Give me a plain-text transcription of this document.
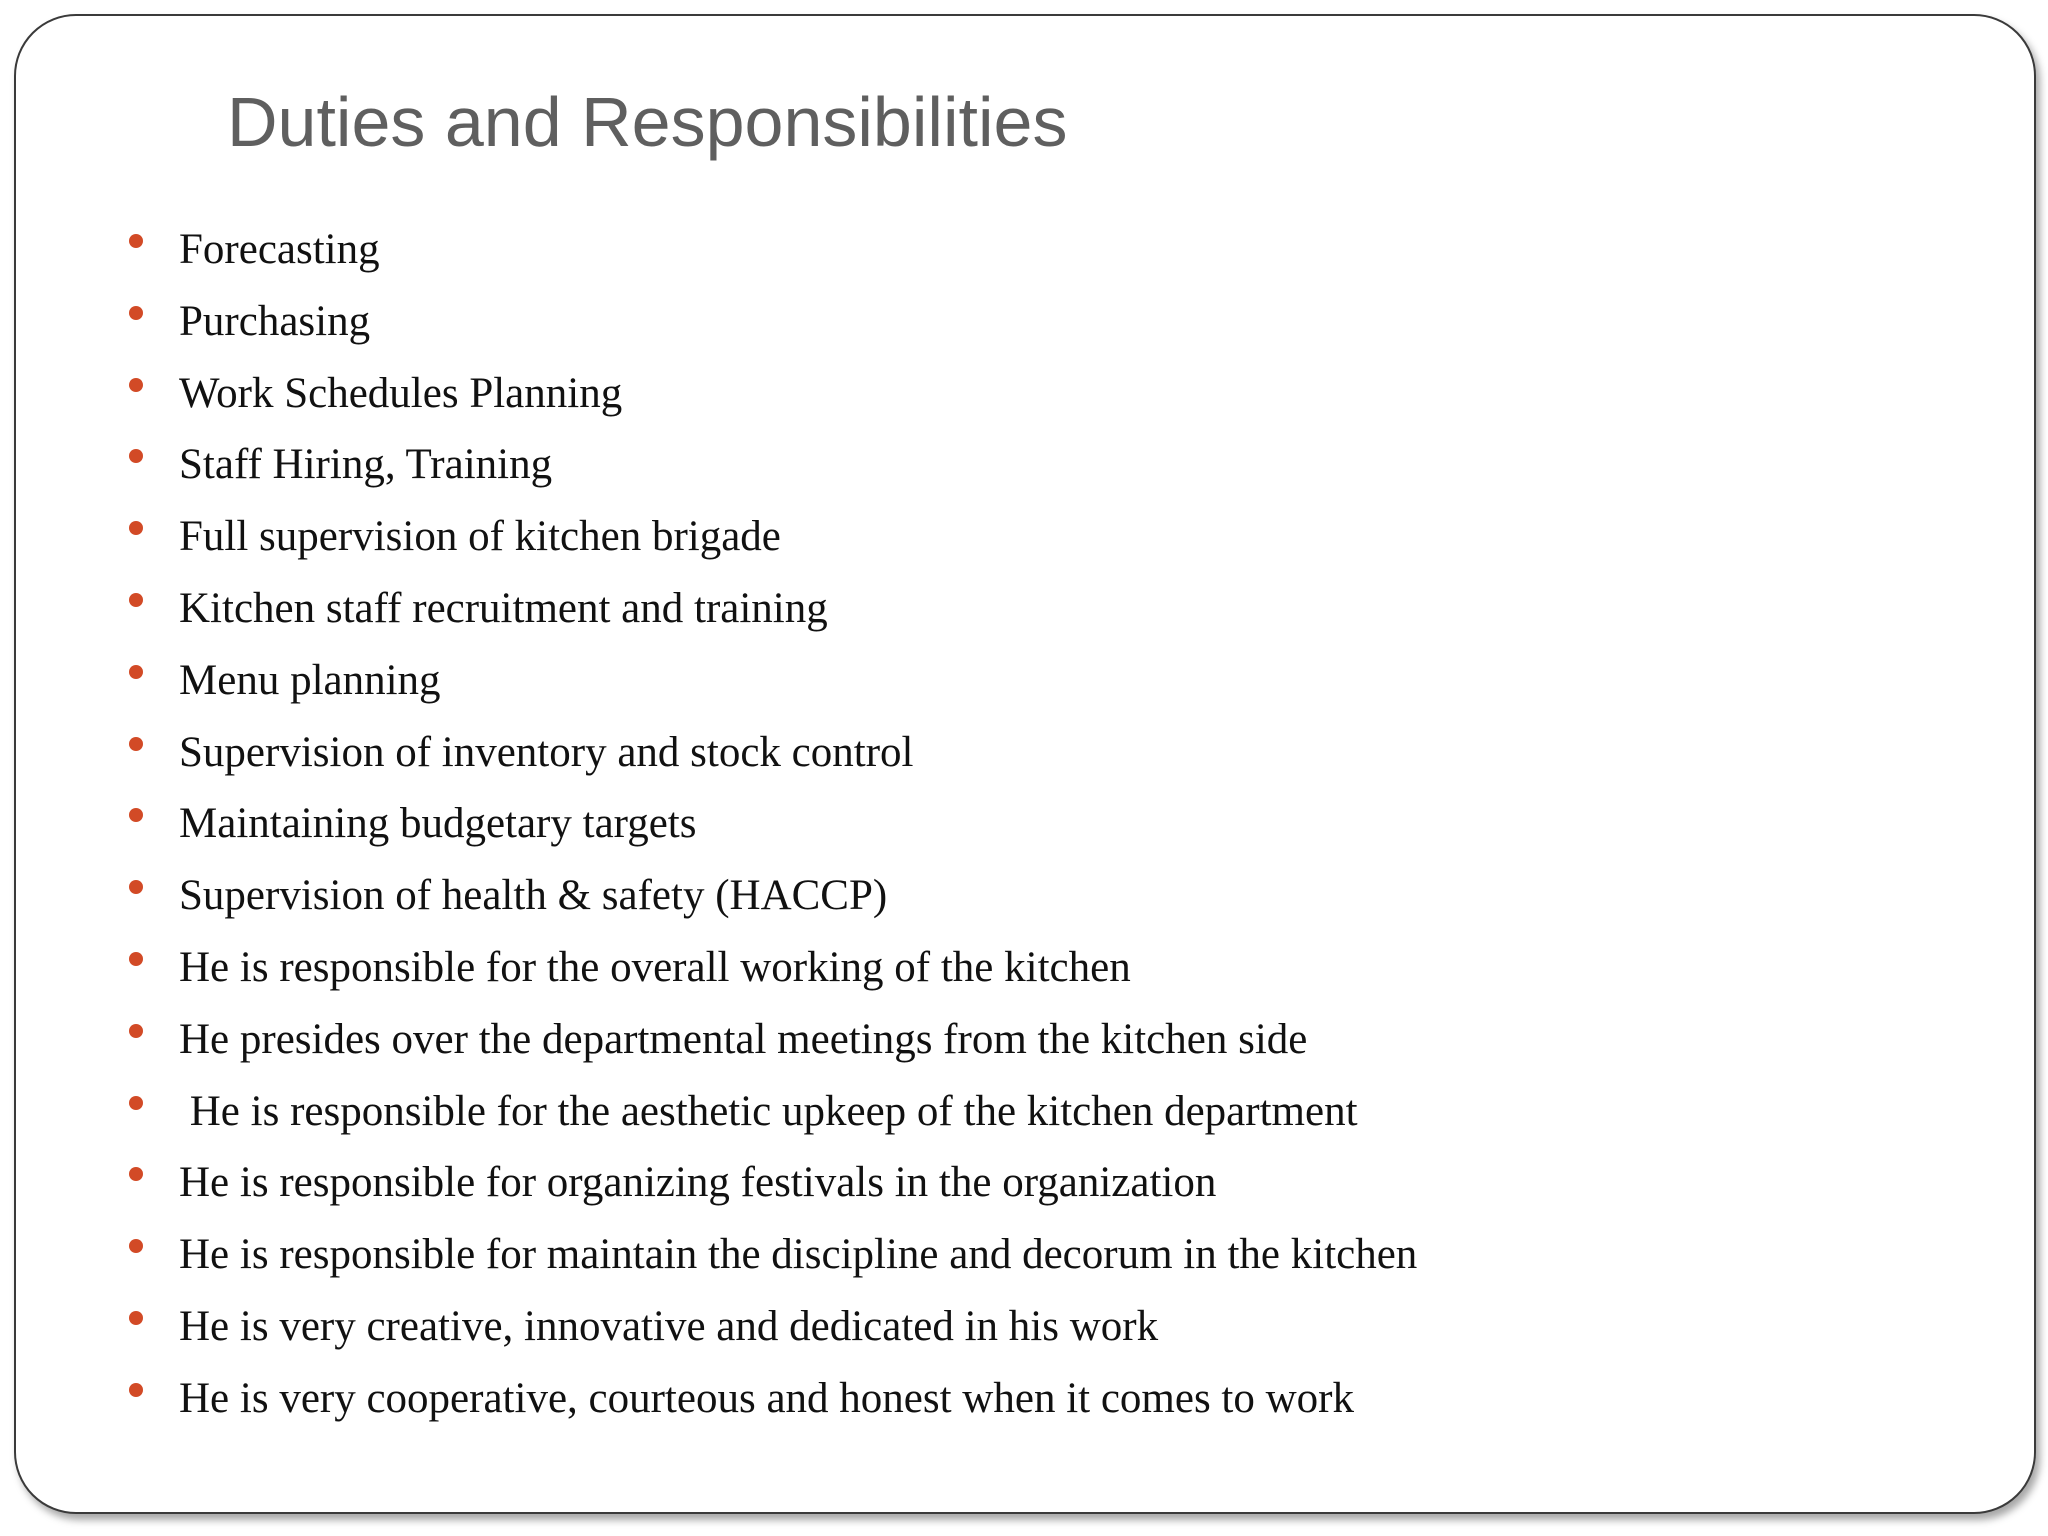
Duties and Responsibilities
Forecasting
Purchasing
Work Schedules Planning
Staff Hiring, Training
Full supervision of kitchen brigade
Kitchen staff recruitment and training
Menu planning
Supervision of inventory and stock control
Maintaining budgetary targets
Supervision of health & safety (HACCP)
He is responsible for the overall working of the kitchen
He presides over the departmental meetings from the kitchen side
He is responsible for the aesthetic upkeep of the kitchen department
He is responsible for organizing festivals in the organization
He is responsible for maintain the discipline and decorum in the kitchen
He is very creative, innovative and dedicated in his work
He is very cooperative, courteous and honest when it comes to work
